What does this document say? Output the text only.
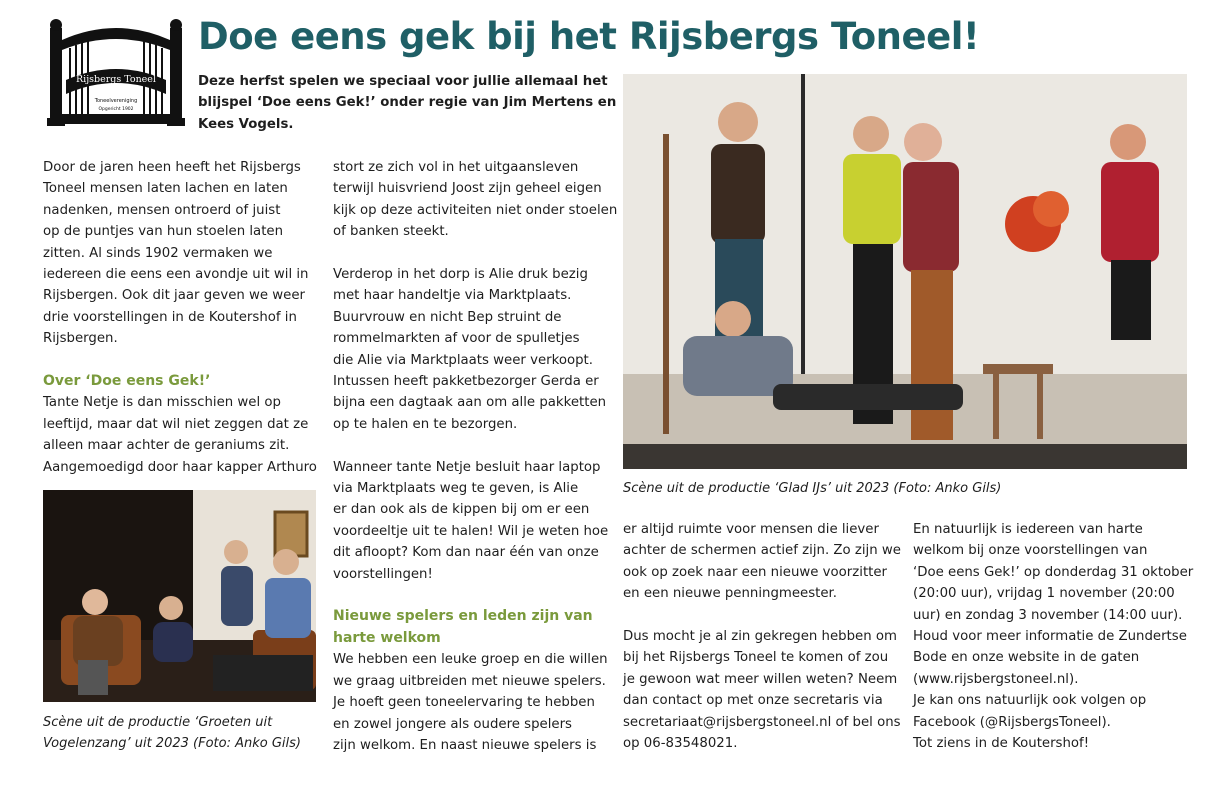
Rijsbergs Toneel
Toneelvereniging
Opgericht 1902
Doe eens gek bij het Rijsbergs Toneel!
Deze herfst spelen we speciaal voor jullie allemaal het
blijspel ‘Doe eens Gek!’ onder regie van Jim Mertens en
Kees Vogels.
Door de jaren heen heeft het Rijsbergs
Toneel mensen laten lachen en laten
nadenken, mensen ontroerd of juist
op de puntjes van hun stoelen laten
zitten. Al sinds 1902 vermaken we
iedereen die eens een avondje uit wil in
Rijsbergen. Ook dit jaar geven we weer
drie voorstellingen in de Koutershof in
Rijsbergen.
Over ‘Doe eens Gek!’
Tante Netje is dan misschien wel op
leeftijd, maar dat wil niet zeggen dat ze
alleen maar achter de geraniums zit.
Aangemoedigd door haar kapper Arthuro
Scène uit de productie ‘Groeten uit
Vogelenzang’ uit 2023 (Foto: Anko Gils)
stort ze zich vol in het uitgaansleven
terwijl huisvriend Joost zijn geheel eigen
kijk op deze activiteiten niet onder stoelen
of banken steekt.
Verderop in het dorp is Alie druk bezig
met haar handeltje via Marktplaats.
Buurvrouw en nicht Bep struint de
rommelmarkten af voor de spulletjes
die Alie via Marktplaats weer verkoopt.
Intussen heeft pakketbezorger Gerda er
bijna een dagtaak aan om alle pakketten
op te halen en te bezorgen.
Wanneer tante Netje besluit haar laptop
via Marktplaats weg te geven, is Alie
er dan ook als de kippen bij om er een
voordeeltje uit te halen! Wil je weten hoe
dit afloopt? Kom dan naar één van onze
voorstellingen!
Nieuwe spelers en leden zijn van
harte welkom
We hebben een leuke groep en die willen
we graag uitbreiden met nieuwe spelers.
Je hoeft geen toneelervaring te hebben
en zowel jongere als oudere spelers
zijn welkom. En naast nieuwe spelers is
Scène uit de productie ‘Glad IJs’ uit 2023 (Foto: Anko Gils)
er altijd ruimte voor mensen die liever
achter de schermen actief zijn. Zo zijn we
ook op zoek naar een nieuwe voorzitter
en een nieuwe penningmeester.
Dus mocht je al zin gekregen hebben om
bij het Rijsbergs Toneel te komen of zou
je gewoon wat meer willen weten? Neem
dan contact op met onze secretaris via
secretariaat@rijsbergstoneel.nl of bel ons
op 06-83548021.
En natuurlijk is iedereen van harte
welkom bij onze voorstellingen van
‘Doe eens Gek!’ op donderdag 31 oktober
(20:00 uur), vrijdag 1 november (20:00
uur) en zondag 3 november (14:00 uur).
Houd voor meer informatie de Zundertse
Bode en onze website in de gaten
(www.rijsbergstoneel.nl).
Je kan ons natuurlijk ook volgen op
Facebook (@RijsbergsToneel).
Tot ziens in de Koutershof!
